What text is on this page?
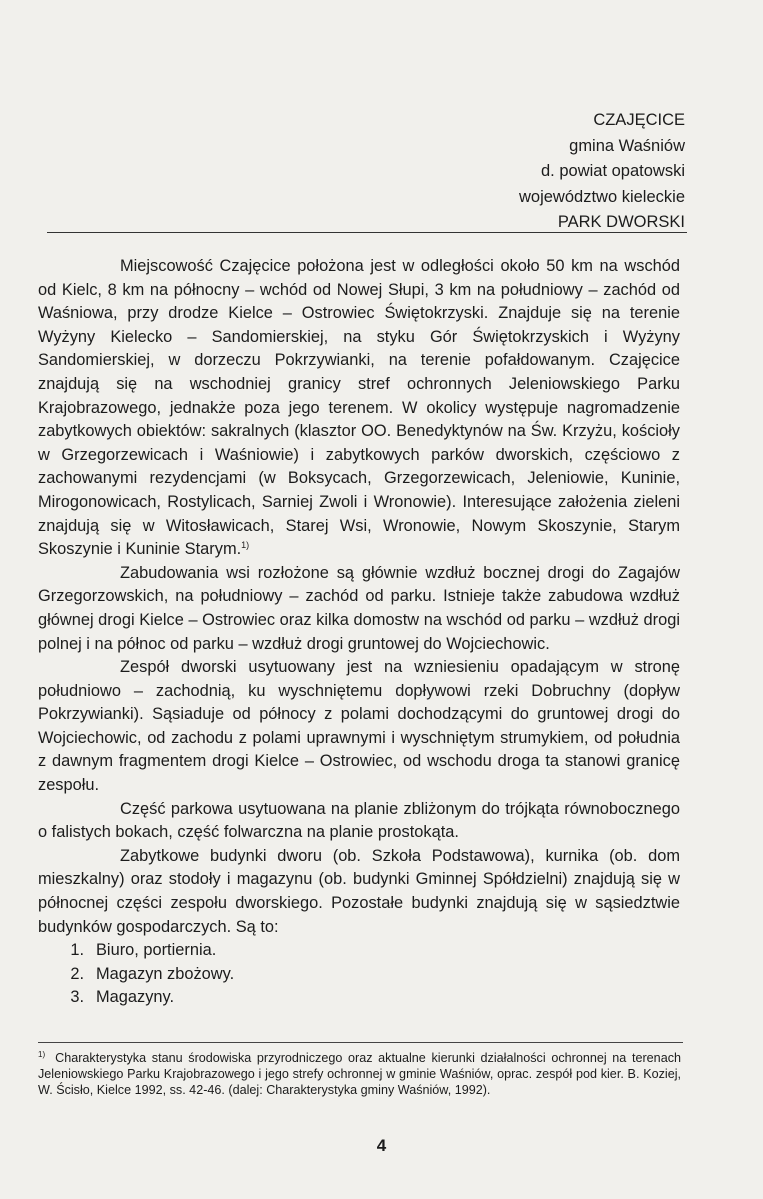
CZAJĘCICE
gmina Waśniów
d. powiat opatowski
województwo kieleckie
PARK DWORSKI

Miejscowość Czajęcice położona jest w odległości około 50 km na wschód od Kielc, 8 km na północny – wchód od Nowej Słupi, 3 km na południowy – zachód od Waśniowa, przy drodze Kielce – Ostrowiec Świętokrzyski. Znajduje się na terenie Wyżyny Kielecko – Sandomierskiej, na styku Gór Świętokrzyskich i Wyżyny Sandomierskiej, w dorzeczu Pokrzywianki, na terenie pofałdowanym. Czajęcice znajdują się na wschodniej granicy stref ochronnych Jeleniowskiego Parku Krajobrazowego, jednakże poza jego terenem. W okolicy występuje nagromadzenie zabytkowych obiektów: sakralnych (klasztor OO. Benedyktynów na Św. Krzyżu, kościoły w Grzegorzewicach i Waśniowie) i zabytkowych parków dworskich, częściowo z zachowanymi rezydencjami (w Boksycach, Grzegorzewicach, Jeleniowie, Kuninie, Mirogonowicach, Rostylicach, Sarniej Zwoli i Wronowie). Interesujące założenia zieleni znajdują się w Witosławicach, Starej Wsi, Wronowie, Nowym Skoszynie, Starym Skoszynie i Kuninie Starym.$^{1)}$

Zabudowania wsi rozłożone są głównie wzdłuż bocznej drogi do Zagajów Grzegorzowskich, na południowy – zachód od parku. Istnieje także zabudowa wzdłuż głównej drogi Kielce – Ostrowiec oraz kilka domostw na wschód od parku – wzdłuż drogi polnej i na północ od parku – wzdłuż drogi gruntowej do Wojciechowic.

Zespół dworski usytuowany jest na wzniesieniu opadającym w stronę południowo – zachodnią, ku wyschniętemu dopływowi rzeki Dobruchny (dopływ Pokrzywianki). Sąsiaduje od północy z polami dochodzącymi do gruntowej drogi do Wojciechowic, od zachodu z polami uprawnymi i wyschniętym strumykiem, od południa z dawnym fragmentem drogi Kielce – Ostrowiec, od wschodu droga ta stanowi granicę zespołu.

Część parkowa usytuowana na planie zbliżonym do trójkąta równobocznego o falistych bokach, część folwarczna na planie prostokąta.

Zabytkowe budynki dworu (ob. Szkoła Podstawowa), kurnika (ob. dom mieszkalny) oraz stodoły i magazynu (ob. budynki Gminnej Spółdzielni) znajdują się w północnej części zespołu dworskiego. Pozostałe budynki znajdują się w sąsiedztwie budynków gospodarczych. Są to:

1. Biuro, portiernia.
2. Magazyn zbożowy.
3. Magazyny.
$^{1)}$ Charakterystyka stanu środowiska przyrodniczego oraz aktualne kierunki działalności ochronnej na terenach Jeleniowskiego Parku Krajobrazowego i jego strefy ochronnej w gminie Waśniów, oprac. zespół pod kier. B. Koziej, W. Ścisło, Kielce 1992, ss. 42-46. (dalej: Charakterystyka gminy Waśniów, 1992).
4
